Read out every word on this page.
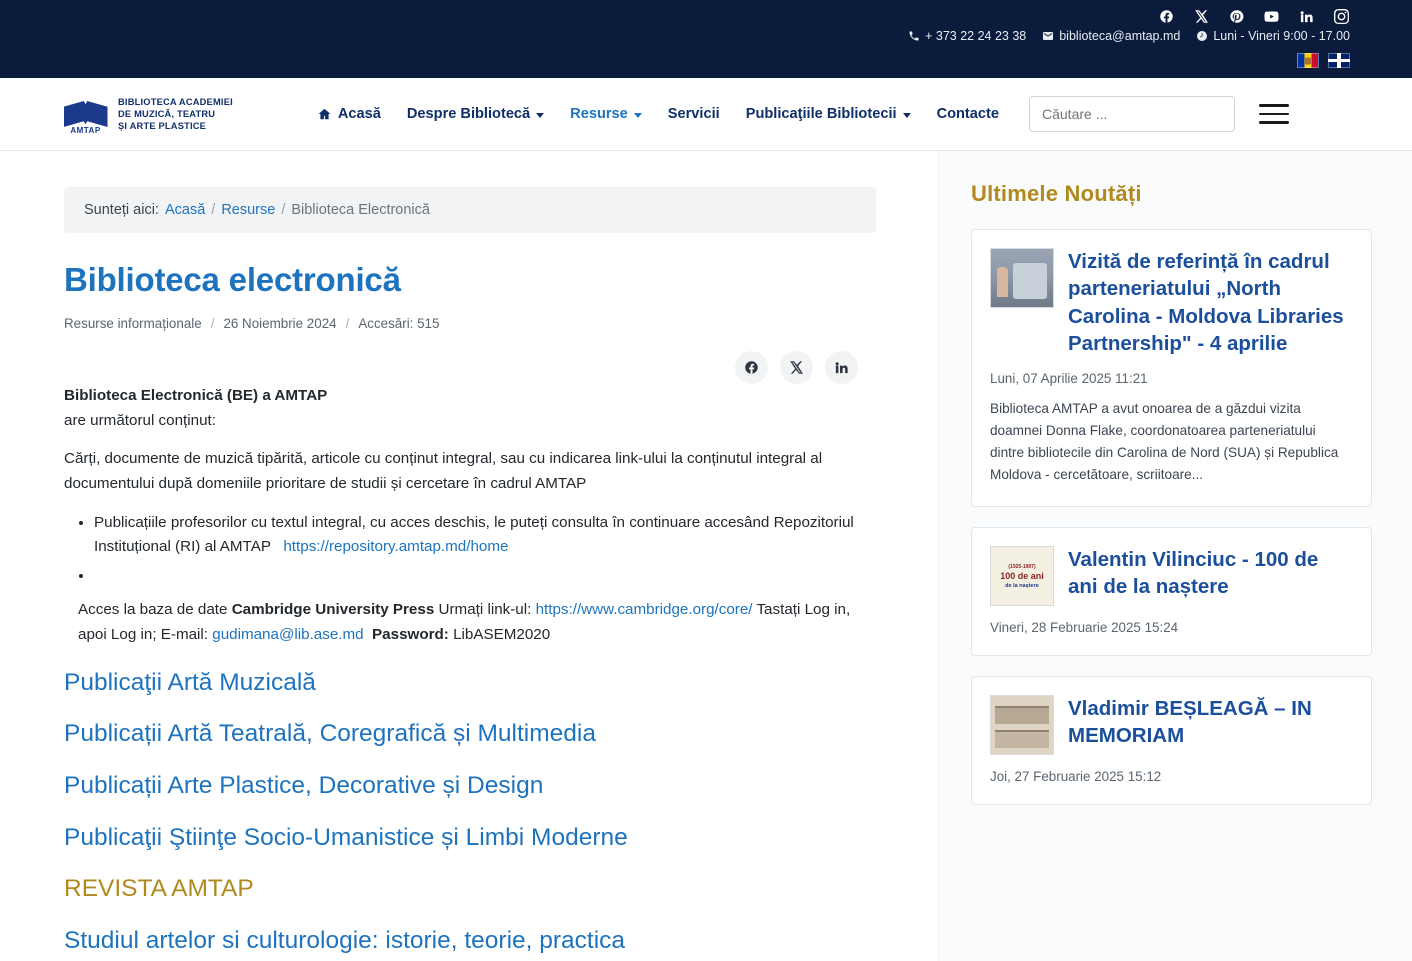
+ 373 22 24 23 38	biblioteca@amtap.md	Luni - Vineri 9:00 - 17.00
AMTAP
BIBLIOTECA ACADEMIEI
DE MUZICĂ, TEATRU
ȘI ARTE PLASTICE
Acasă Despre Bibliotecă	Resurse	Servicii Publicaţiile Bibliotecii	Contacte
Căutare ...
Sunteți aici: Acasă / Resurse / Biblioteca Electronică
Biblioteca electronică
Resurse informaționale / 26 Noiembrie 2024 / Accesări: 515

Biblioteca Electronică (BE) a AMTAP
are următorul conținut:

Cărți, documente de muzică tipărită, articole cu conținut integral, sau cu indicarea link-ului la conținutul integral al documentului după domeniile prioritare de studii și cercetare în cadrul AMTAP

• Publicațiile profesorilor cu textul integral, cu acces deschis, le puteți consulta în continuare accesând Repozitoriul Instituțional (RI) al AMTAP https://repository.amtap.md/home
•

Acces la baza de date Cambridge University Press Urmați link-ul: https://www.cambridge.org/core/ Tastați Log in, apoi Log in; E-mail: gudimana@lib.ase.md Password: LibASEM2020

Publicaţii Artă Muzicală
Publicații Artă Teatrală, Coregrafică și Multimedia
Publicații Arte Plastice, Decorative și Design
Publicaţii Ştiinţe Socio-Umanistice și Limbi Moderne
REVISTA AMTAP
Studiul artelor si culturologie: istorie, teorie, practica
Ultimele Noutăți
Vizită de referință în cadrul parteneriatului „North Carolina - Moldova Libraries Partnership" - 4 aprilie
Luni, 07 Aprilie 2025 11:21
Biblioteca AMTAP a avut onoarea de a găzdui vizita doamnei Donna Flake, coordonatoarea parteneriatului dintre bibliotecile din Carolina de Nord (SUA) și Republica Moldova - cercetătoare, scriitoare...
(1925-1997)
100 de ani
de la naștere
Valentin Vilinciuc - 100 de ani de la naștere
Vineri, 28 Februarie 2025 15:24
Vladimir BEȘLEAGĂ – IN MEMORIAM
Joi, 27 Februarie 2025 15:12
